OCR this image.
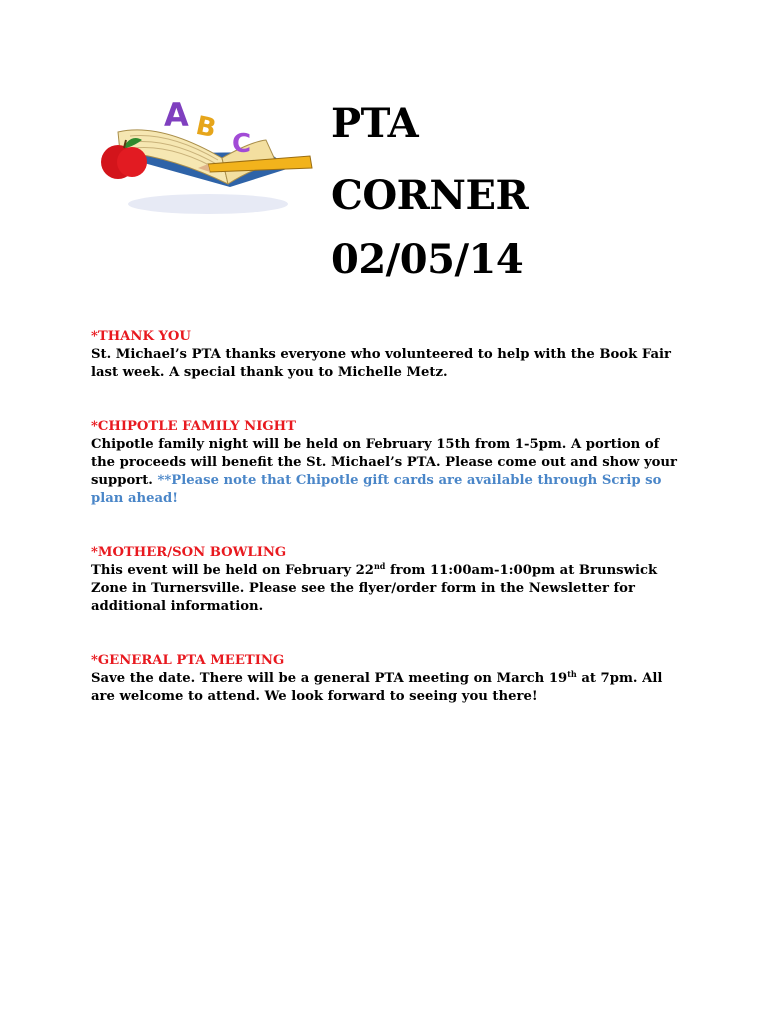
A B C PTA
CORNER
02/05/14
*THANK YOU
St. Michael’s PTA thanks everyone who volunteered to help with the Book Fair last week. A special thank you to Michelle Metz.
*CHIPOTLE FAMILY NIGHT
Chipotle family night will be held on February 15th from 1-5pm. A portion of the proceeds will benefit the St. Michael’s PTA. Please come out and show your support. **Please note that Chipotle gift cards are available through Scrip so plan ahead!
*MOTHER/SON BOWLING
This event will be held on February 22nd from 11:00am-1:00pm at Brunswick Zone in Turnersville. Please see the flyer/order form in the Newsletter for additional information.
*GENERAL PTA MEETING
Save the date. There will be a general PTA meeting on March 19th at 7pm. All are welcome to attend. We look forward to seeing you there!
